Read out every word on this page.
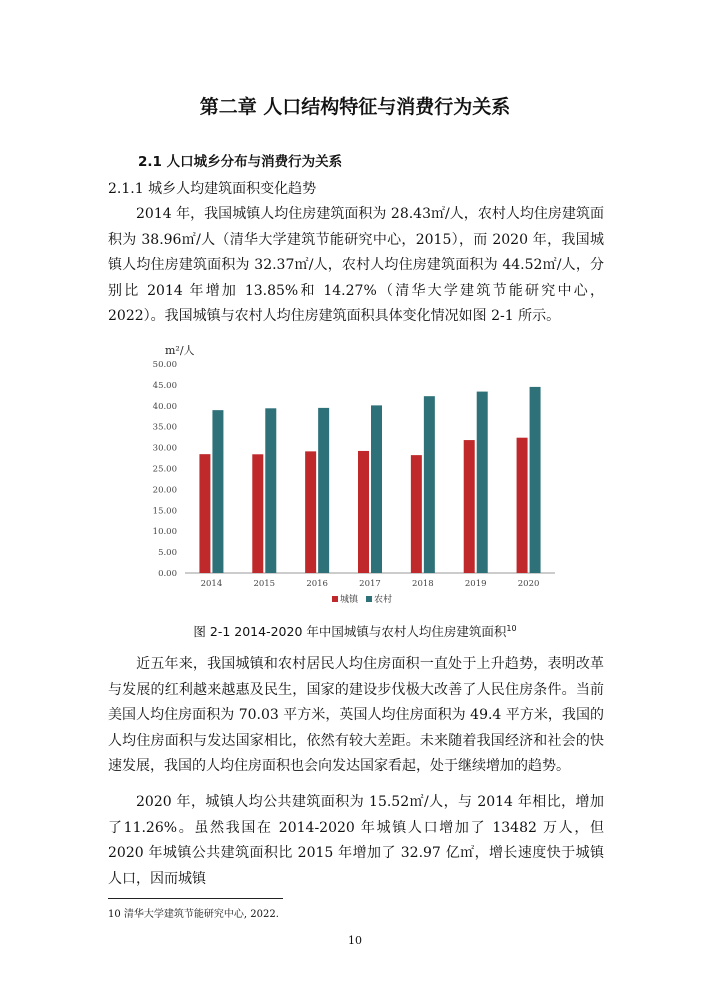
第二章 人口结构特征与消费行为关系
2.1 人口城乡分布与消费行为关系
2.1.1 城乡人均建筑面积变化趋势

2014 年，我国城镇人均住房建筑面积为 28.43㎡/人，农村人均住房建筑面积为 38.96㎡/人（清华大学建筑节能研究中心，2015），而 2020 年，我国城镇人均住房建筑面积为 32.37㎡/人，农村人均住房建筑面积为 44.52㎡/人，分别比 2014 年增加 13.85%和 14.27%（清华大学建筑节能研究中心，2022）。我国城镇与农村人均住房建筑面积具体变化情况如图 2-1 所示。

m²/人
0.00
5.00
10.00
15.00
20.00
25.00
30.00
35.00
40.00
45.00
50.00
2014	2015	2016	2017	2018	2019	2020
城镇 农村
图 2-1 2014-2020 年中国城镇与农村人均住房建筑面积$^{10}$

近五年来，我国城镇和农村居民人均住房面积一直处于上升趋势，表明改革与发展的红利越来越惠及民生，国家的建设步伐极大改善了人民住房条件。当前美国人均住房面积为 70.03 平方米，英国人均住房面积为 49.4 平方米，我国的人均住房面积与发达国家相比，依然有较大差距。未来随着我国经济和社会的快速发展，我国的人均住房面积也会向发达国家看起，处于继续增加的趋势。

2020 年，城镇人均公共建筑面积为 15.52㎡/人，与 2014 年相比，增加了11.26%。虽然我国在 2014-2020 年城镇人口增加了 13482 万人，但 2020 年城镇公共建筑面积比 2015 年增加了 32.97 亿㎡，增长速度快于城镇人口，因而城镇

10 清华大学建筑节能研究中心, 2022.
10
